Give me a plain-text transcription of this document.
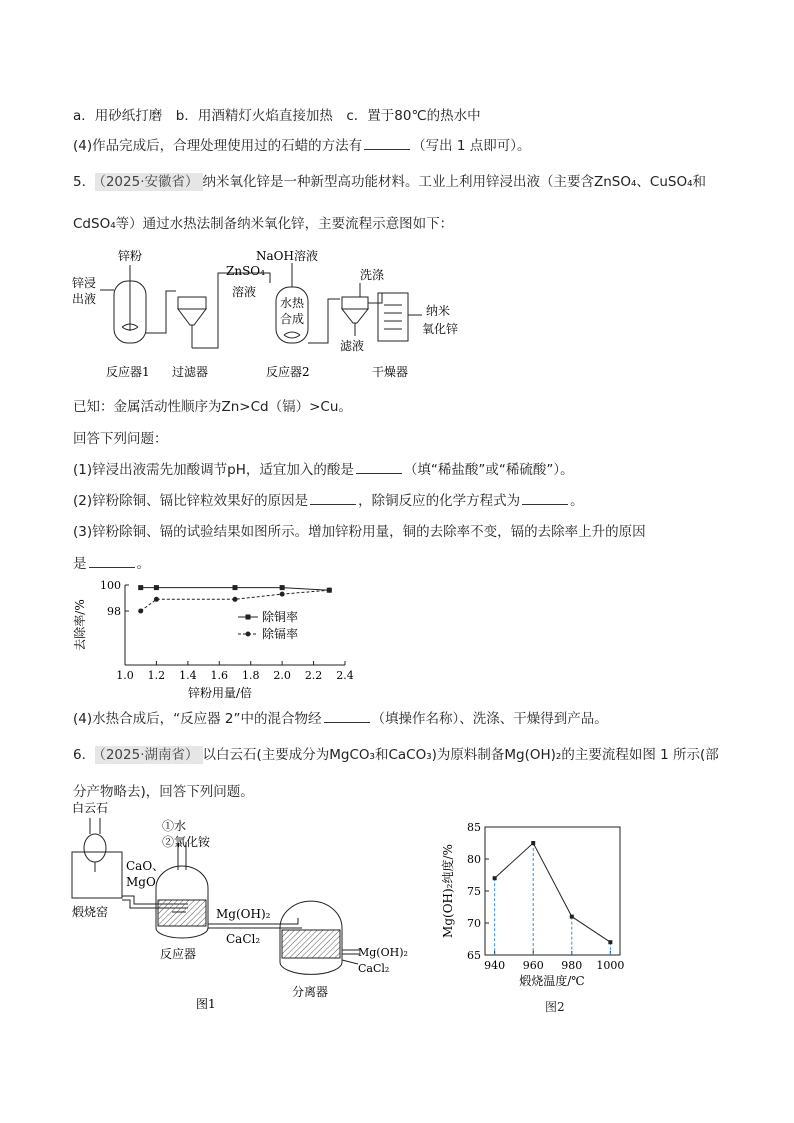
a．用砂纸打磨　b．用酒精灯火焰直接加热　c．置于80℃的热水中
(4)作品完成后，合理处理使用过的石蜡的方法有	（写出 1 点即可）。
5． （2025·安徽省） 纳米氧化锌是一种新型高功能材料。工业上利用锌浸出液（主要含ZnSO₄、CuSO₄和
CdSO₄等）通过水热法制备纳米氧化锌，主要流程示意图如下：
锌粉
锌浸
出液
ZnSO₄
溶液
NaOH溶液
水热
合成
洗涤
滤液
纳米
氧化锌
反应器1 过滤器	反应器2	干燥器
已知：金属活动性顺序为Zn>Cd（镉）>Cu。
回答下列问题：
(1)锌浸出液需先加酸调节pH，适宜加入的酸是	（填“稀盐酸”或“稀硫酸”）。
(2)锌粉除铜、镉比锌粒效果好的原因是	，除铜反应的化学方程式为	。
(3)锌粉除铜、镉的试验结果如图所示。增加锌粉用量，铜的去除率不变，镉的去除率上升的原因
是	。
1.0 1.2 1.4 1.6 1.8 2.0 2.2 2.4
98
100
锌粉用量/倍
去除率/%	除铜率
除镉率
(4)水热合成后，“反应器 2”中的混合物经	（填操作名称）、洗涤、干燥得到产品。
6． （2025·湖南省） 以白云石(主要成分为MgCO₃和CaCO₃)为原料制备Mg(OH)₂的主要流程如图 1 所示(部
分产物略去)，回答下列问题。
白云石
①水
②氯化铵
CaO、
MgO
煅烧窑	Mg(OH)₂
CaCl₂
反应器	Mg(OH)₂
CaCl₂
分离器
图1
940 960 980 1000
65
70
75
80
85
煅烧温度/℃
Mg(OH)₂纯度/%
图2
